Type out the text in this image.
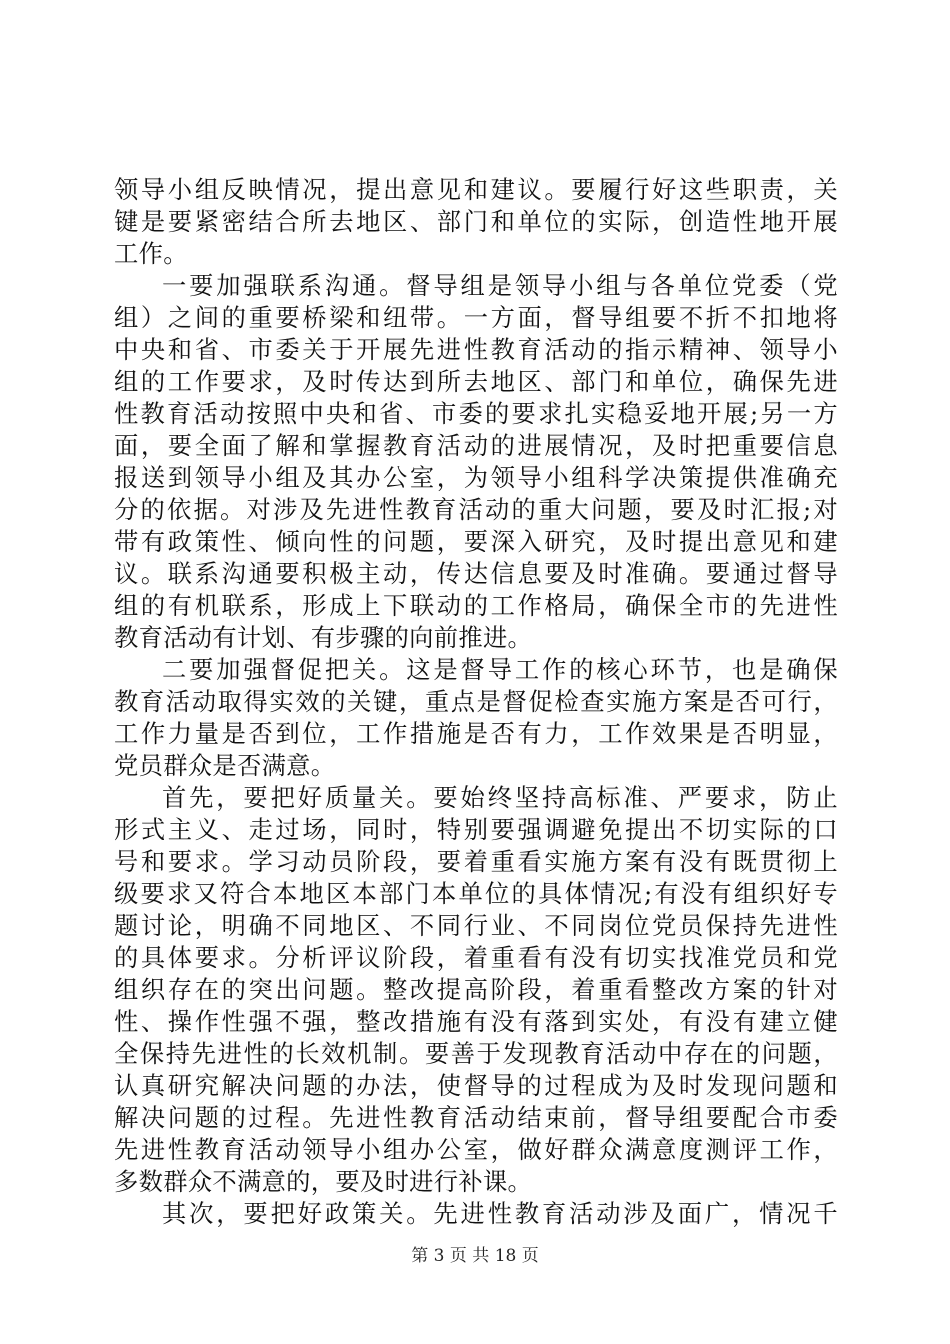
领导小组反映情况，提出意见和建议。要履行好这些职责，关
键是要紧密结合所去地区、部门和单位的实际，创造性地开展
工作。
一要加强联系沟通。督导组是领导小组与各单位党委（党
组）之间的重要桥梁和纽带。一方面，督导组要不折不扣地将
中央和省、市委关于开展先进性教育活动的指示精神、领导小
组的工作要求，及时传达到所去地区、部门和单位，确保先进
性教育活动按照中央和省、市委的要求扎实稳妥地开展;另一方
面，要全面了解和掌握教育活动的进展情况，及时把重要信息
报送到领导小组及其办公室，为领导小组科学决策提供准确充
分的依据。对涉及先进性教育活动的重大问题，要及时汇报;对
带有政策性、倾向性的问题，要深入研究，及时提出意见和建
议。联系沟通要积极主动，传达信息要及时准确。要通过督导
组的有机联系，形成上下联动的工作格局，确保全市的先进性
教育活动有计划、有步骤的向前推进。
二要加强督促把关。这是督导工作的核心环节，也是确保
教育活动取得实效的关键，重点是督促检查实施方案是否可行，
工作力量是否到位，工作措施是否有力，工作效果是否明显，
党员群众是否满意。
首先，要把好质量关。要始终坚持高标准、严要求，防止
形式主义、走过场，同时，特别要强调避免提出不切实际的口
号和要求。学习动员阶段，要着重看实施方案有没有既贯彻上
级要求又符合本地区本部门本单位的具体情况;有没有组织好专
题讨论，明确不同地区、不同行业、不同岗位党员保持先进性
的具体要求。分析评议阶段，着重看有没有切实找准党员和党
组织存在的突出问题。整改提高阶段，着重看整改方案的针对
性、操作性强不强，整改措施有没有落到实处，有没有建立健
全保持先进性的长效机制。要善于发现教育活动中存在的问题，
认真研究解决问题的办法，使督导的过程成为及时发现问题和
解决问题的过程。先进性教育活动结束前，督导组要配合市委
先进性教育活动领导小组办公室，做好群众满意度测评工作，
多数群众不满意的，要及时进行补课。
其次，要把好政策关。先进性教育活动涉及面广，情况千
第 3 页 共 18 页
